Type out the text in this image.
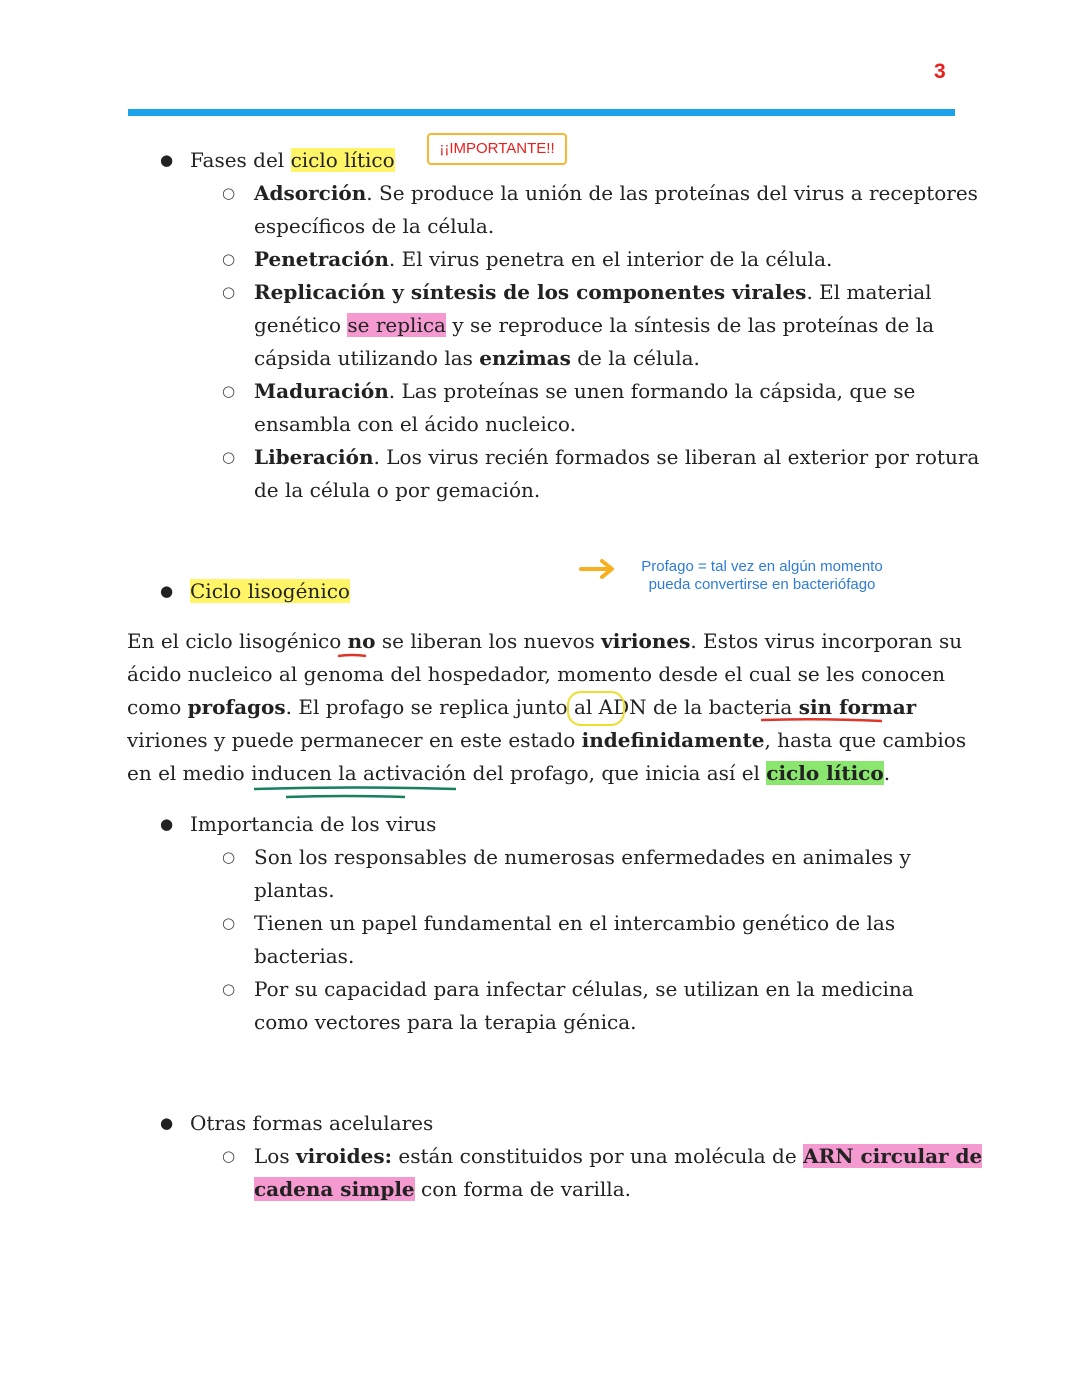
3
● Fases del ciclo lítico	¡¡IMPORTANTE!!
○ Adsorción. Se produce la unión de las proteínas del virus a receptores
específicos de la célula.
○ Penetración. El virus penetra en el interior de la célula.
○ Replicación y síntesis de los componentes virales. El material
genético se replica y se reproduce la síntesis de las proteínas de la
cápsida utilizando las enzimas de la célula.
○ Maduración. Las proteínas se unen formando la cápsida, que se
ensambla con el ácido nucleico.
○ Liberación. Los virus recién formados se liberan al exterior por rotura
de la célula o por gemación.
● Ciclo lisogénico
Profago = tal vez en algún momento
pueda convertirse en bacteriófago
En el ciclo lisogénico no se liberan los nuevos viriones. Estos virus incorporan su
ácido nucleico al genoma del hospedador, momento desde el cual se les conocen
como profagos. El profago se replica junto al ADN de la bacteria sin formar
viriones y puede permanecer en este estado indefinidamente, hasta que cambios
en el medio inducen la activación del profago, que inicia así el ciclo lítico.
● Importancia de los virus
○ Son los responsables de numerosas enfermedades en animales y
plantas.
○ Tienen un papel fundamental en el intercambio genético de las
bacterias.
○ Por su capacidad para infectar células, se utilizan en la medicina
como vectores para la terapia génica.
● Otras formas acelulares
○ Los viroides: están constituidos por una molécula de ARN circular de
cadena simple con forma de varilla.
